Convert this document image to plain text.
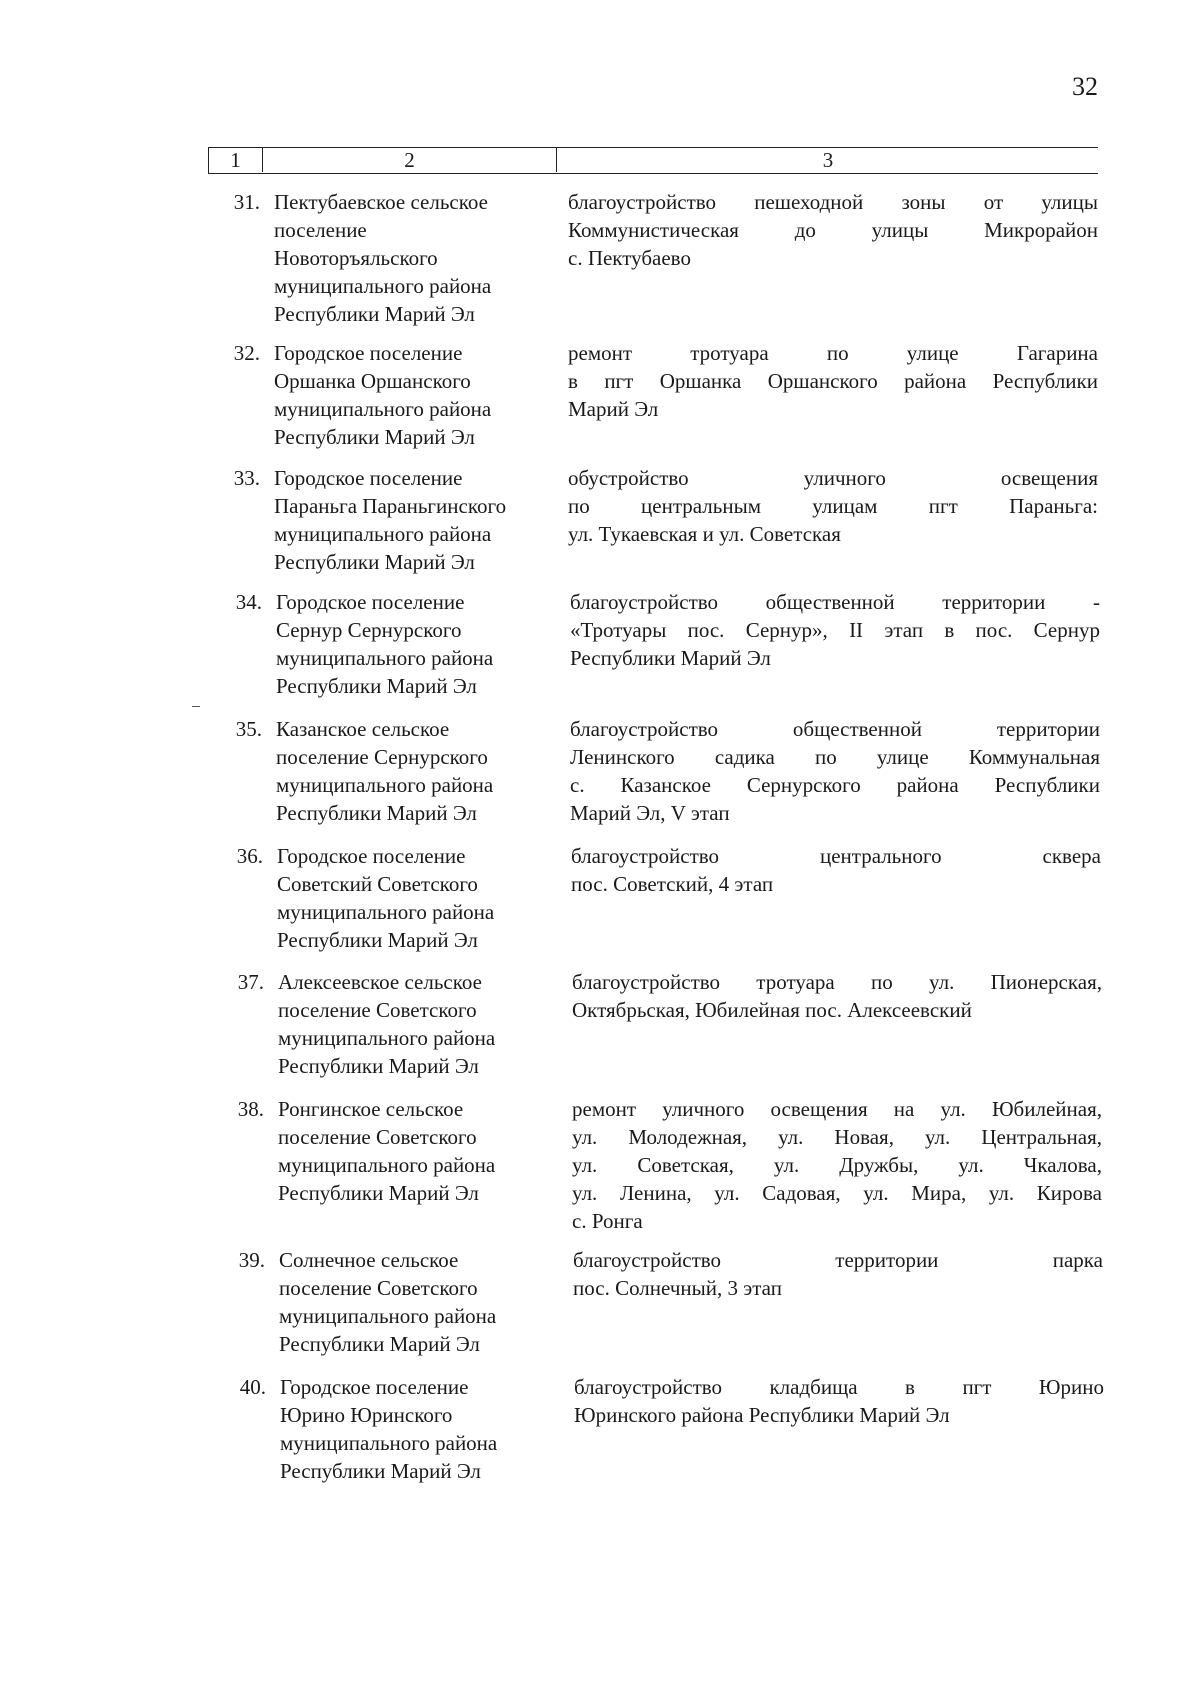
32
1	2	3
31. Пектубаевское сельское
поселение
Новоторъяльского
муниципального района
Республики Марий Эл
благоустройство пешеходной зоны от улицы
Коммунистическая до улицы Микрорайон
с. Пектубаево
32. Городское поселение
Оршанка Оршанского
муниципального района
Республики Марий Эл
ремонт тротуара по улице Гагарина
в пгт Оршанка Оршанского района Республики
Марий Эл
33. Городское поселение
Параньга Параньгинского
муниципального района
Республики Марий Эл
обустройство уличного освещения
по центральным улицам пгт Параньга:
ул. Тукаевская и ул. Советская
34. Городское поселение
Сернур Сернурского
муниципального района
Республики Марий Эл
благоустройство общественной территории -
«Тротуары пос. Сернур», II этап в пос. Сернур
Республики Марий Эл
35. Казанское сельское
поселение Сернурского
муниципального района
Республики Марий Эл
благоустройство общественной территории
Ленинского садика по улице Коммунальная
с. Казанское Сернурского района Республики
Марий Эл, V этап
36. Городское поселение
Советский Советского
муниципального района
Республики Марий Эл
благоустройство центрального сквера
пос. Советский, 4 этап
37. Алексеевское сельское
поселение Советского
муниципального района
Республики Марий Эл
благоустройство тротуара по ул. Пионерская,
Октябрьская, Юбилейная пос. Алексеевский
38. Ронгинское сельское
поселение Советского
муниципального района
Республики Марий Эл
ремонт уличного освещения на ул. Юбилейная,
ул. Молодежная, ул. Новая, ул. Центральная,
ул. Советская, ул. Дружбы, ул. Чкалова,
ул. Ленина, ул. Садовая, ул. Мира, ул. Кирова
с. Ронга
39. Солнечное сельское
поселение Советского
муниципального района
Республики Марий Эл
благоустройство территории парка
пос. Солнечный, 3 этап
40. Городское поселение
Юрино Юринского
муниципального района
Республики Марий Эл
благоустройство кладбища в пгт Юрино
Юринского района Республики Марий Эл
